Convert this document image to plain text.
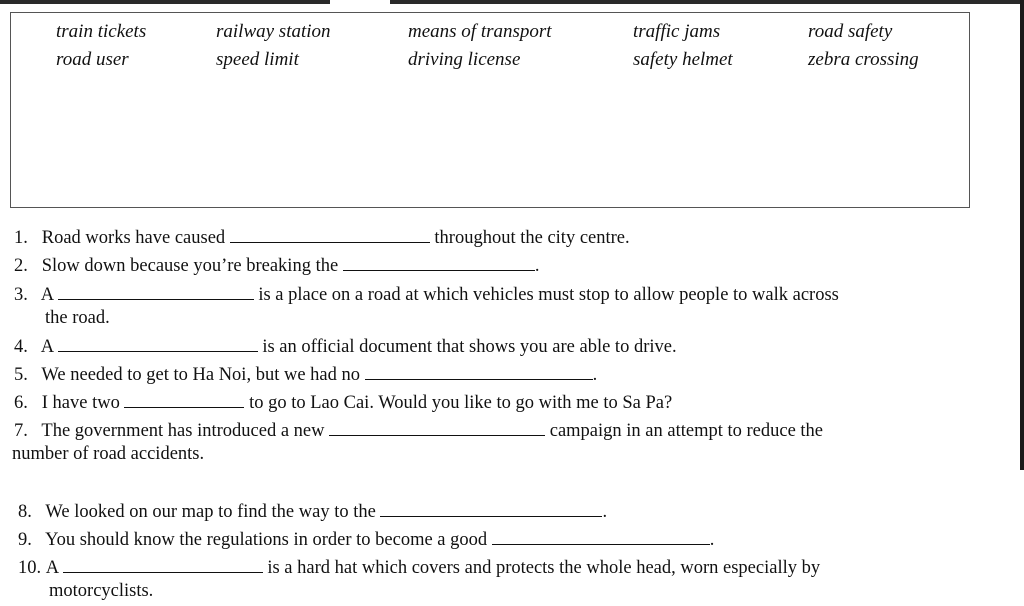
train tickets	railway station	means of transport	traffic jams	road safety
road user	speed limit	driving license	safety helmet	zebra crossing
1. Road works have caused	throughout the city centre.
2. Slow down because you’re breaking the	.
3. A	is a place on a road at which vehicles must stop to allow people to walk across
the road.
4. A	is an official document that shows you are able to drive.
5. We needed to get to Ha Noi, but we had no	.
6. I have two	to go to Lao Cai. Would you like to go with me to Sa Pa?
7. The government has introduced a new	campaign in an attempt to reduce the
number of road accidents.
8. We looked on our map to find the way to the	.
9. You should know the regulations in order to become a good	.
10. A	is a hard hat which covers and protects the whole head, worn especially by
motorcyclists.
